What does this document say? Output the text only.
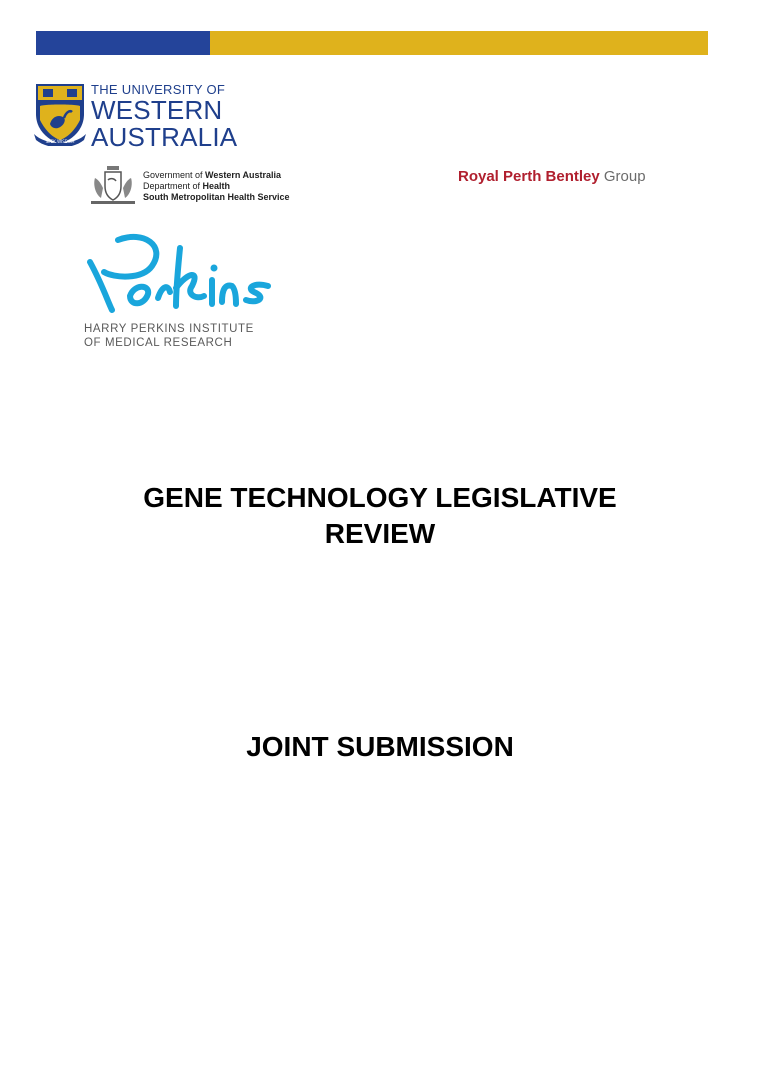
SEEK WISDOM
THE UNIVERSITY OF
WESTERN
AUSTRALIA
Government of Western Australia
Department of Health
South Metropolitan Health Service
Royal Perth Bentley Group
HARRY PERKINS INSTITUTE
OF MEDICAL RESEARCH
GENE TECHNOLOGY LEGISLATIVE
REVIEW
JOINT SUBMISSION
